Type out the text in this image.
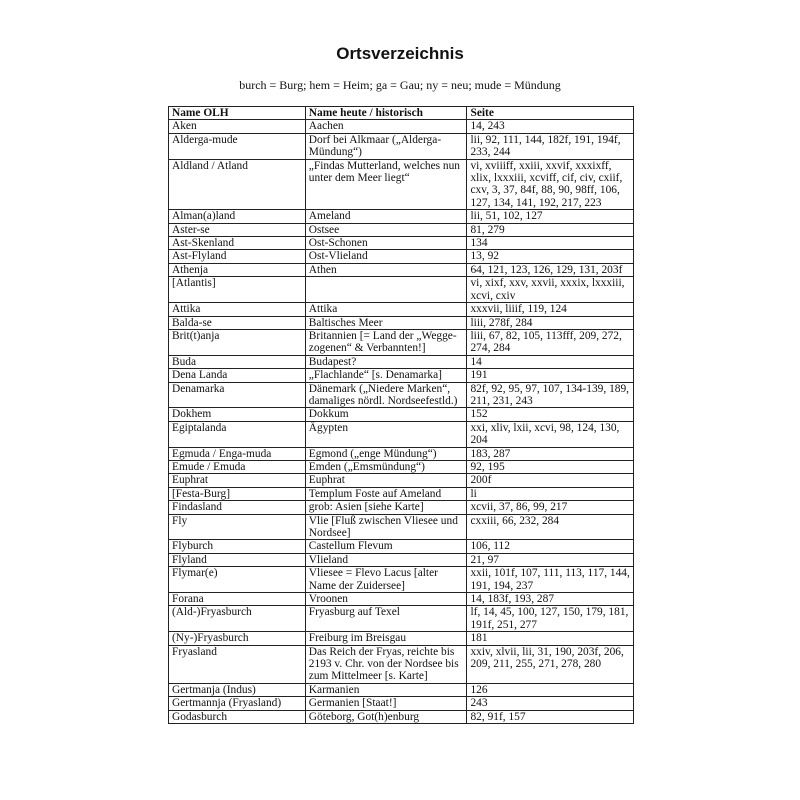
Ortsverzeichnis
burch = Burg; hem = Heim; ga = Gau; ny = neu; mude = Mündung
Name OLH	Name heute / historisch	Seite
Aken	Aachen	14, 243
Alderga-mude	Dorf bei Alkmaar („Alderga-Mündung“)	lii, 92, 111, 144, 182f, 191, 194f, 233, 244
Aldland / Atland	„Findas Mutterland, welches nun unter dem Meer liegt“	vi, xviiiff, xxiii, xxvif, xxxixff, xlix, lxxxiii, xcviff, cif, civ, cxiif, cxv, 3, 37, 84f, 88, 90, 98ff, 106, 127, 134, 141, 192, 217, 223
Alman(a)land	Ameland	lii, 51, 102, 127
Aster-se	Ostsee	81, 279
Ast-Skenland	Ost-Schonen	134
Ast-Flyland	Ost-Vlieland	13, 92
Athenja	Athen	64, 121, 123, 126, 129, 131, 203f
[Atlantis]		vi, xixf, xxv, xxvii, xxxix, lxxxiii, xcvi, cxiv
Attika	Attika	xxxvii, liiif, 119, 124
Balda-se	Baltisches Meer	liii, 278f, 284
Brit(t)anja	Britannien [= Land der „Wegge-zogenen“ & Verbannten!]	liii, 67, 82, 105, 113fff, 209, 272, 274, 284
Buda	Budapest?	14
Dena Landa	„Flachlande“ [s. Denamarka]	191
Denamarka	Dänemark („Niedere Marken“, damaliges nördl. Nordseefestld.)	82f, 92, 95, 97, 107, 134-139, 189, 211, 231, 243
Dokhem	Dokkum	152
Egiptalanda	Ägypten	xxi, xliv, lxii, xcvi, 98, 124, 130, 204
Egmuda / Enga-muda	Egmond („enge Mündung“)	183, 287
Emude / Emuda	Emden („Emsmündung“)	92, 195
Euphrat	Euphrat	200f
[Festa-Burg]	Templum Foste auf Ameland	li
Findasland	grob: Asien [siehe Karte]	xcvii, 37, 86, 99, 217
Fly	Vlie [Fluß zwischen Vliesee und Nordsee]	cxxiii, 66, 232, 284
Flyburch	Castellum Flevum	106, 112
Flyland	Vlieland	21, 97
Flymar(e)	Vliesee = Flevo Lacus [alter Name der Zuidersee]	xxii, 101f, 107, 111, 113, 117, 144, 191, 194, 237
Forana	Vroonen	14, 183f, 193, 287
(Ald-)Fryasburch	Fryasburg auf Texel	lf, 14, 45, 100, 127, 150, 179, 181, 191f, 251, 277
(Ny-)Fryasburch	Freiburg im Breisgau	181
Fryasland	Das Reich der Fryas, reichte bis 2193 v. Chr. von der Nordsee bis zum Mittelmeer [s. Karte]	xxiv, xlvii, lii, 31, 190, 203f, 206, 209, 211, 255, 271, 278, 280
Gertmanja (Indus)	Karmanien	126
Gertmannja (Fryasland)	Germanien [Staat!]	243
Godasburch	Göteborg, Got(h)enburg	82, 91f, 157
